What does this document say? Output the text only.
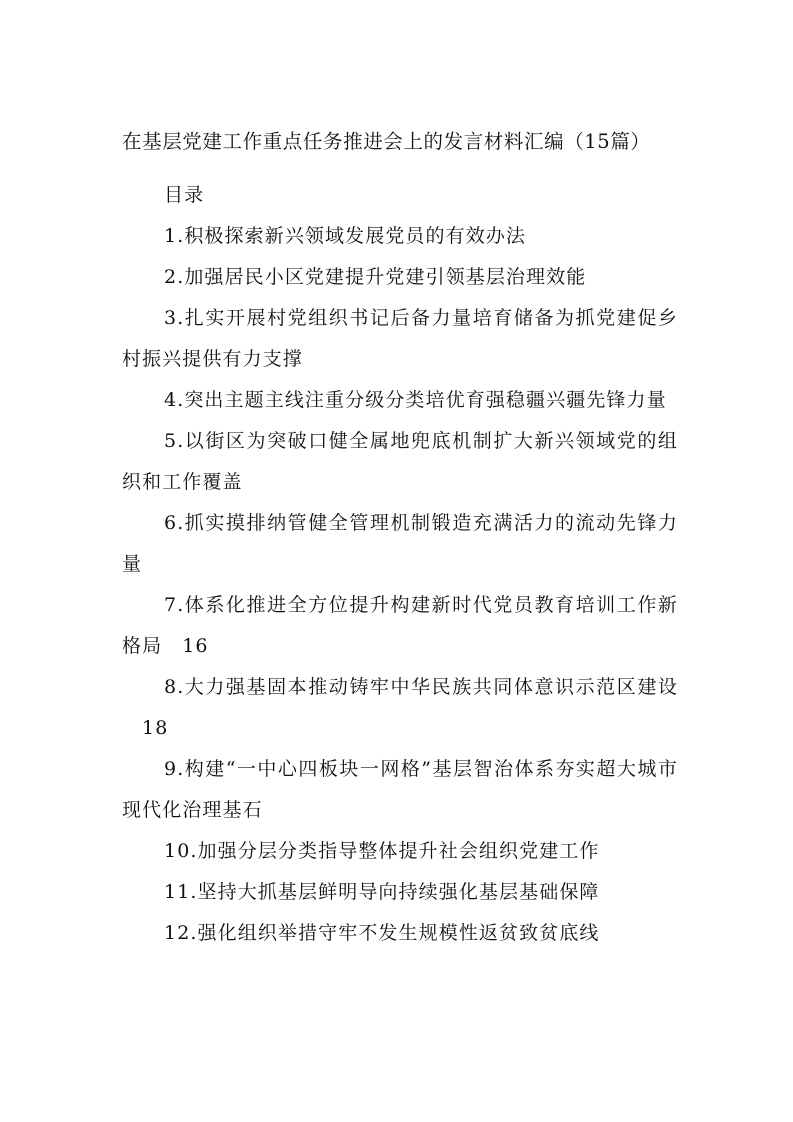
在基层党建工作重点任务推进会上的发言材料汇编（15篇）
目录
1.积极探索新兴领域发展党员的有效办法
2.加强居民小区党建提升党建引领基层治理效能
3.扎实开展村党组织书记后备力量培育储备为抓党建促乡村振兴提供有力支撑
4.突出主题主线注重分级分类培优育强稳疆兴疆先锋力量
5.以街区为突破口健全属地兜底机制扩大新兴领域党的组织和工作覆盖
6.抓实摸排纳管健全管理机制锻造充满活力的流动先锋力量
7.体系化推进全方位提升构建新时代党员教育培训工作新格局 16
8.大力强基固本推动铸牢中华民族共同体意识示范区建设18
9.构建“一中心四板块一网格”基层智治体系夯实超大城市现代化治理基石
10.加强分层分类指导整体提升社会组织党建工作
11.坚持大抓基层鲜明导向持续强化基层基础保障
12.强化组织举措守牢不发生规模性返贫致贫底线
